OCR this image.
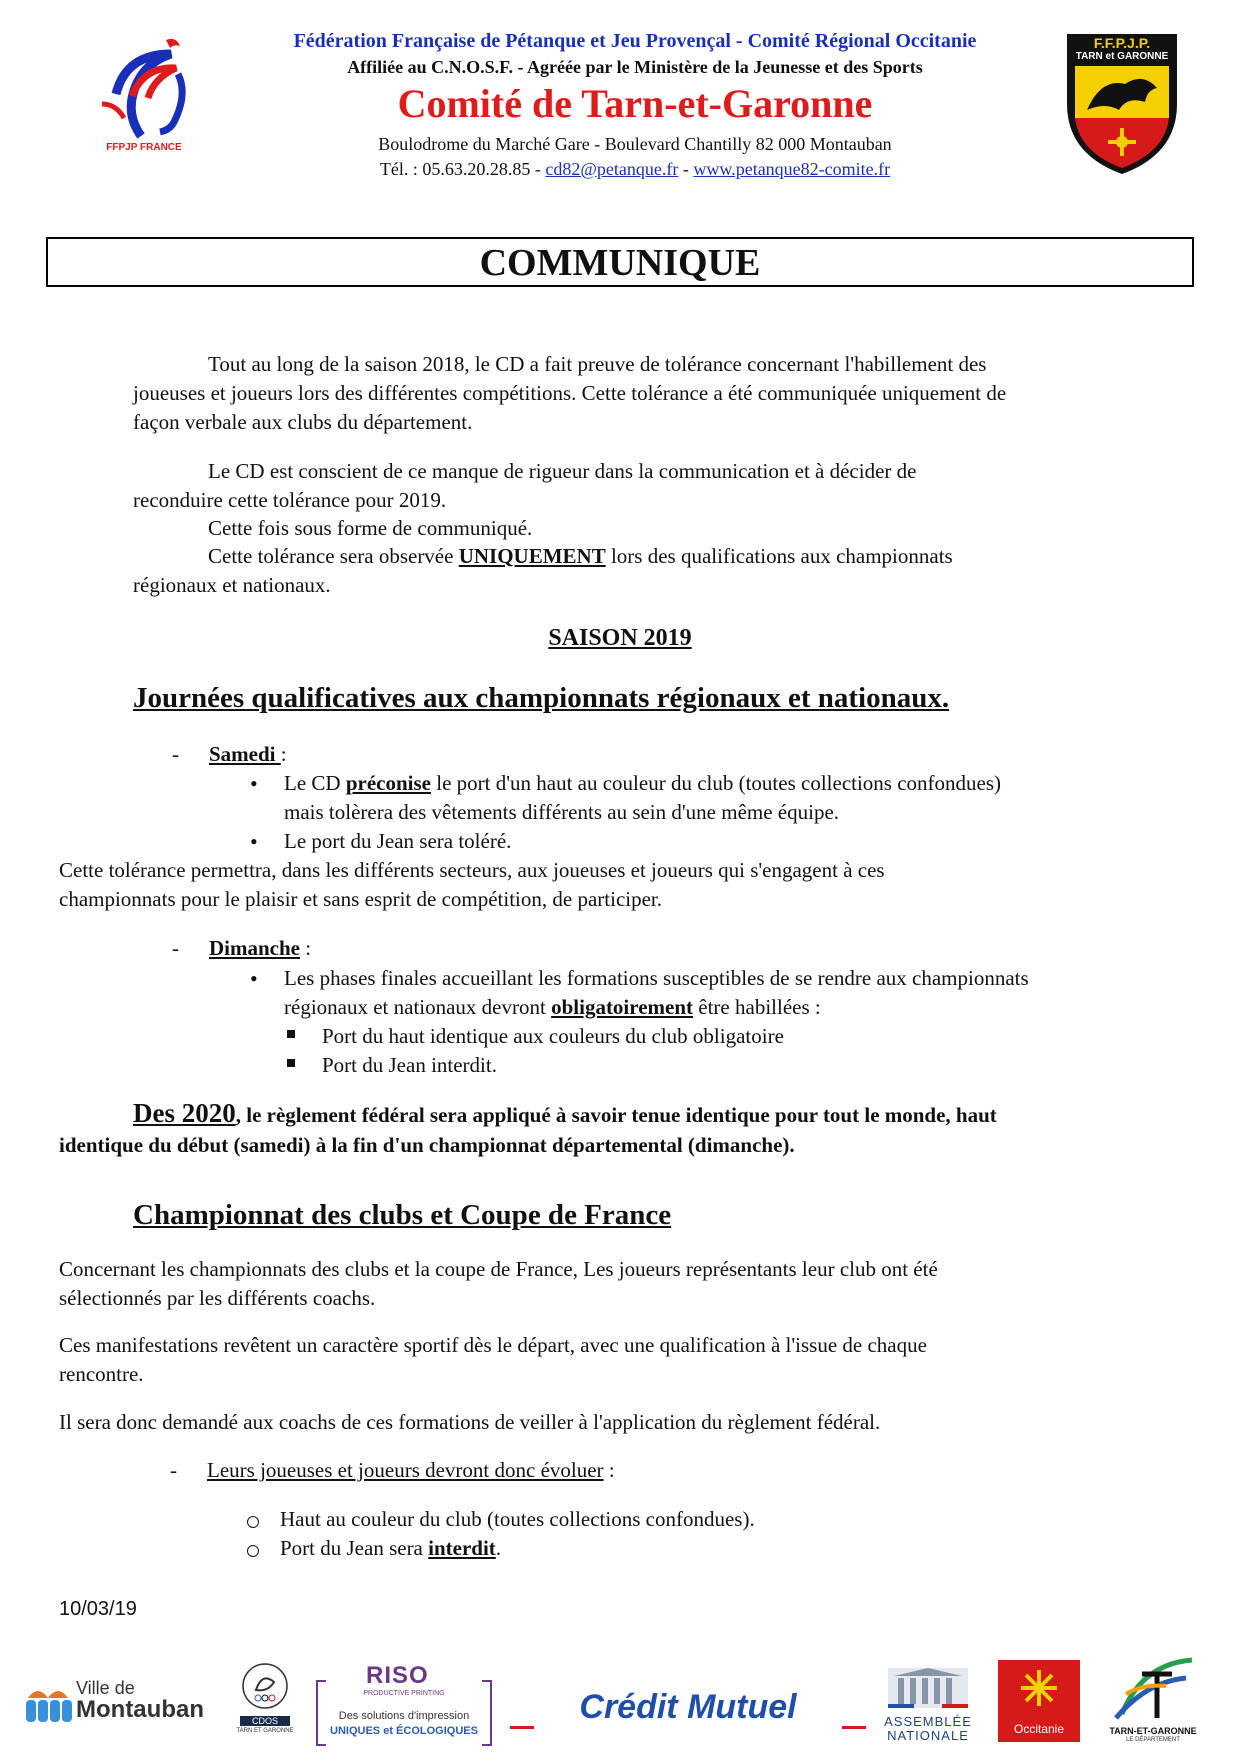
FFPJP FRANCE
Fédération Française de Pétanque et Jeu Provençal - Comité Régional Occitanie
Affiliée au C.N.O.S.F. - Agréée par le Ministère de la Jeunesse et des Sports
Comité de Tarn-et-Garonne
Boulodrome du Marché Gare - Boulevard Chantilly 82 000 Montauban
Tél. : 05.63.20.28.85 - cd82@petanque.fr - www.petanque82-comite.fr
F.F.P.J.P.
TARN et GARONNE
COMMUNIQUE
Tout au long de la saison 2018, le CD a fait preuve de tolérance concernant l'habillement des
joueuses et joueurs lors des différentes compétitions. Cette tolérance a été communiquée uniquement de
façon verbale aux clubs du département.
Le CD est conscient de ce manque de rigueur dans la communication et à décider de
reconduire cette tolérance pour 2019.
Cette fois sous forme de communiqué.
Cette tolérance sera observée UNIQUEMENT lors des qualifications aux championnats
régionaux et nationaux.
SAISON 2019
Journées qualificatives aux championnats régionaux et nationaux.
- Samedi :
• Le CD préconise le port d'un haut au couleur du club (toutes collections confondues)
mais tolèrera des vêtements différents au sein d'une même équipe.
• Le port du Jean sera toléré.
Cette tolérance permettra, dans les différents secteurs, aux joueuses et joueurs qui s'engagent à ces
championnats pour le plaisir et sans esprit de compétition, de participer.
- Dimanche :
• Les phases finales accueillant les formations susceptibles de se rendre aux championnats
régionaux et nationaux devront obligatoirement être habillées :
Port du haut identique aux couleurs du club obligatoire
Port du Jean interdit.
Des 2020, le règlement fédéral sera appliqué à savoir tenue identique pour tout le monde, haut
identique du début (samedi) à la fin d'un championnat départemental (dimanche).
Championnat des clubs et Coupe de France
Concernant les championnats des clubs et la coupe de France, Les joueurs représentants leur club ont été
sélectionnés par les différents coachs.
Ces manifestations revêtent un caractère sportif dès le départ, avec une qualification à l'issue de chaque
rencontre.
Il sera donc demandé aux coachs de ces formations de veiller à l'application du règlement fédéral.
- Leurs joueuses et joueurs devront donc évoluer :
Haut au couleur du club (toutes collections confondues).
Port du Jean sera interdit.
10/03/19
Ville de
Montauban	CDOS
TARN ET GARONNE
RISO
PRODUCTIVE PRINTING
Des solutions d'impression
UNIQUES et ÉCOLOGIQUES
Crédit Mutuel	ASSEMBLÉE
NATIONALE	Occitanie	TARN-ET-GARONNE
LE DÉPARTEMENT
